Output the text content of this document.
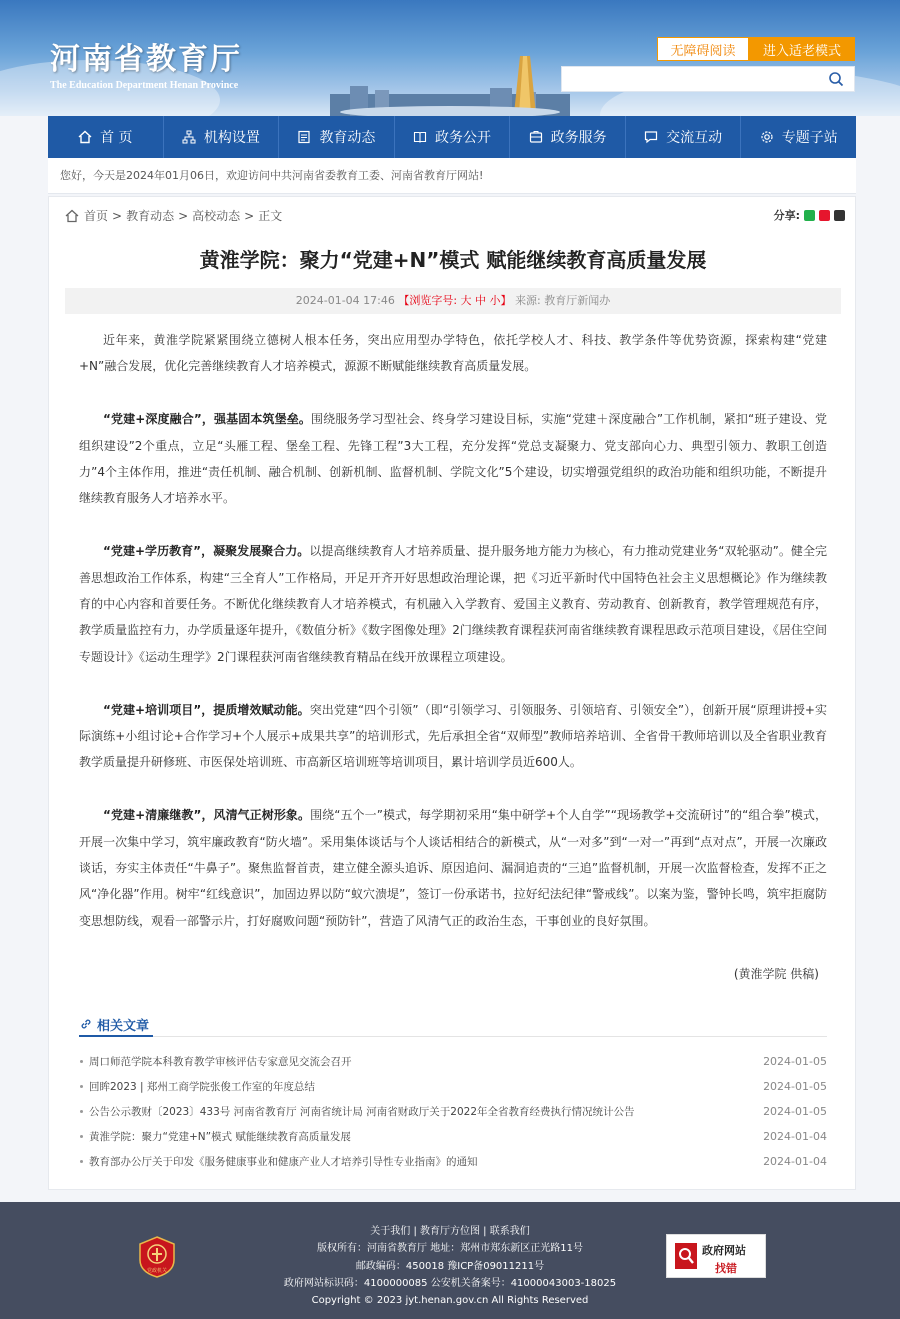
河南省教育厅
The Education Department Henan Province
无障碍阅读	进入适老模式
首 页	机构设置	教育动态	政务公开	政务服务	交流互动	专题子站
您好，今天是2024年01月06日，欢迎访问中共河南省委教育工委、河南省教育厅网站!
首页 > 教育动态 > 高校动态 > 正文	分享:
黄淮学院：聚力“党建+N”模式 赋能继续教育高质量发展
2024-01-04 17:46 【浏览字号: 大 中 小】 来源: 教育厅新闻办

近年来，黄淮学院紧紧围绕立德树人根本任务，突出应用型办学特色，依托学校人才、科技、教学条件等优势资源，探索构建“党建+N”融合发展，优化完善继续教育人才培养模式，源源不断赋能继续教育高质量发展。

“党建+深度融合”，强基固本筑堡垒。围绕服务学习型社会、终身学习建设目标，实施“党建＋深度融合”工作机制，紧扣“班子建设、党组织建设”2个重点，立足“头雁工程、堡垒工程、先锋工程”3大工程，充分发挥“党总支凝聚力、党支部向心力、典型引领力、教职工创造力”4个主体作用，推进“责任机制、融合机制、创新机制、监督机制、学院文化”5个建设，切实增强党组织的政治功能和组织功能，不断提升继续教育服务人才培养水平。

“党建+学历教育”，凝聚发展聚合力。以提高继续教育人才培养质量、提升服务地方能力为核心，有力推动党建业务“双轮驱动”。健全完善思想政治工作体系，构建“三全育人”工作格局，开足开齐开好思想政治理论课，把《习近平新时代中国特色社会主义思想概论》作为继续教育的中心内容和首要任务。不断优化继续教育人才培养模式，有机融入入学教育、爱国主义教育、劳动教育、创新教育，教学管理规范有序，教学质量监控有力，办学质量逐年提升，《数值分析》《数字图像处理》2门继续教育课程获河南省继续教育课程思政示范项目建设，《居住空间专题设计》《运动生理学》2门课程获河南省继续教育精品在线开放课程立项建设。

“党建+培训项目”，提质增效赋动能。突出党建“四个引领”（即“引领学习、引领服务、引领培育、引领安全”），创新开展“原理讲授+实际演练+小组讨论+合作学习+个人展示+成果共享”的培训形式，先后承担全省“双师型”教师培养培训、全省骨干教师培训以及全省职业教育教学质量提升研修班、市医保处培训班、市高新区培训班等培训项目，累计培训学员近600人。

“党建+清廉继教”，风清气正树形象。围绕“五个一”模式，每学期初采用“集中研学+个人自学”“现场教学+交流研讨”的“组合拳”模式，开展一次集中学习，筑牢廉政教育“防火墙”。采用集体谈话与个人谈话相结合的新模式，从“一对多”到“一对一”再到“点对点”，开展一次廉政谈话，夯实主体责任“牛鼻子”。聚焦监督首责，建立健全源头追诉、原因追问、漏洞追责的“三追”监督机制，开展一次监督检查，发挥不正之风“净化器”作用。树牢“红线意识”，加固边界以防“蚁穴溃堤”，签订一份承诺书，拉好纪法纪律“警戒线”。以案为鉴，警钟长鸣，筑牢拒腐防变思想防线，观看一部警示片，打好腐败问题“预防针”，营造了风清气正的政治生态，干事创业的良好氛围。

(黄淮学院 供稿)

相关文章
周口师范学院本科教育教学审核评估专家意见交流会召开	2024-01-05
回眸2023 | 郑州工商学院张俊工作室的年度总结	2024-01-05
公告公示教财〔2023〕433号 河南省教育厅 河南省统计局 河南省财政厅关于2022年全省教育经费执行情况统计公告	2024-01-05
黄淮学院：聚力“党建+N”模式 赋能继续教育高质量发展	2024-01-04
教育部办公厅关于印发《服务健康事业和健康产业人才培养引导性专业指南》的通知	2024-01-04
党政机关
关于我们 | 教育厅方位图 | 联系我们
版权所有：河南省教育厅 地址：郑州市郑东新区正光路11号
邮政编码：450018 豫ICP备09011211号
政府网站标识码：4100000085 公安机关备案号：41000043003-18025
Copyright © 2023 jyt.henan.gov.cn All Rights Reserved
政府网站
找错
